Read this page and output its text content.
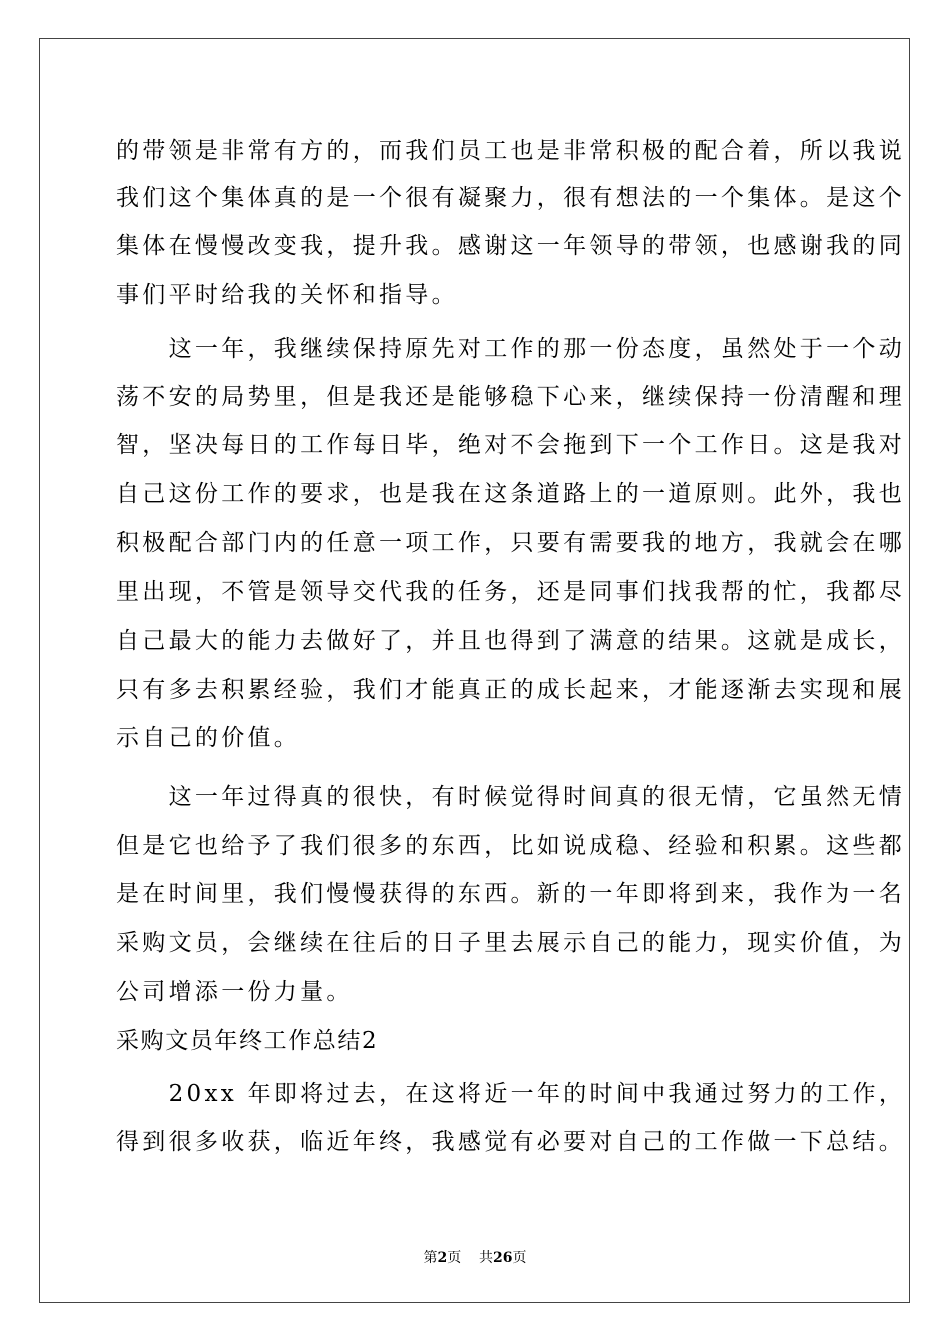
的带领是非常有方的，而我们员工也是非常积极的配合着，所以我说
我们这个集体真的是一个很有凝聚力，很有想法的一个集体。是这个
集体在慢慢改变我，提升我。感谢这一年领导的带领，也感谢我的同
事们平时给我的关怀和指导。
　　这一年，我继续保持原先对工作的那一份态度，虽然处于一个动
荡不安的局势里，但是我还是能够稳下心来，继续保持一份清醒和理
智，坚决每日的工作每日毕，绝对不会拖到下一个工作日。这是我对
自己这份工作的要求，也是我在这条道路上的一道原则。此外，我也
积极配合部门内的任意一项工作，只要有需要我的地方，我就会在哪
里出现，不管是领导交代我的任务，还是同事们找我帮的忙，我都尽
自己最大的能力去做好了，并且也得到了满意的结果。这就是成长，
只有多去积累经验，我们才能真正的成长起来，才能逐渐去实现和展
示自己的价值。
　　这一年过得真的很快，有时候觉得时间真的很无情，它虽然无情
但是它也给予了我们很多的东西，比如说成稳、经验和积累。这些都
是在时间里，我们慢慢获得的东西。新的一年即将到来，我作为一名
采购文员，会继续在往后的日子里去展示自己的能力，现实价值，为
公司增添一份力量。
采购文员年终工作总结2
　　20xx 年即将过去，在这将近一年的时间中我通过努力的工作，
得到很多收获，临近年终，我感觉有必要对自己的工作做一下总结。
第2页 共26页
